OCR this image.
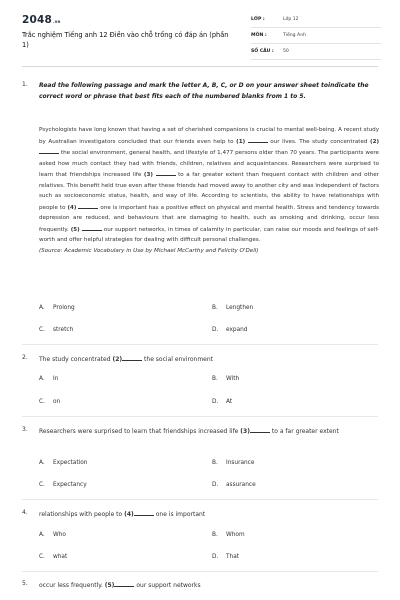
2048.vn
Trắc nghiệm Tiếng anh 12 Điền vào chỗ trống có đáp án (phần 1)
LỚP :	Lớp 12
MÔN :	Tiếng Anh
SỐ CÂU :	50
1.	Read the following passage and mark the letter A, B, C, or D on your answer sheet toindicate the correct word or phrase that best fits each of the numbered blanks from 1 to 5.

Psychologists have long known that having a set of cherished companions is crucial to mental well-being. A recent study by Australian investigators concluded that our friends even help to (1)	our lives. The study concentrated (2)  the social environment, general health, and lifestyle of 1,477 persons older than 70 years. The participants were asked how much contact they had with friends, children, relatives and acquaintances. Researchers were surprised to learn that friendships increased life (3)	to a far greater extent than frequent contact with children and other relatives. This benefit held true even after these friends had moved away to another city and was independent of factors such as socioeconomic status, health, and way of life. According to scientists, the ability to have relationships with people to (4)	one is important has a positive effect on physical and mental health. Stress and tendency towards depression are reduced, and behaviours that are damaging to health, such as smoking and drinking, occur less frequently. (5)	our support networks, in times of calamity in particular, can raise our moods and feelings of self-worth and offer helpful strategies for dealing with difficult personal challenges.

(Source: Academic Vocabulary in Use by Michael McCarthy and Felicity O'Dell)

A. Prolong	B. Lengthen
C. stretch	D. expand
2.	The study concentrated (2)	the social environment
A. In	B. With
C. on	D. At
3.	Researchers were surprised to learn that friendships increased life (3)	to a far greater extent
A. Expectation	B. Insurance
C. Expectancy	D. assurance
4.	relationships with people to (4)	one is important
A. Who	B. Whom
C. what	D. That
5.	occur less frequently. (5)	our support networks
